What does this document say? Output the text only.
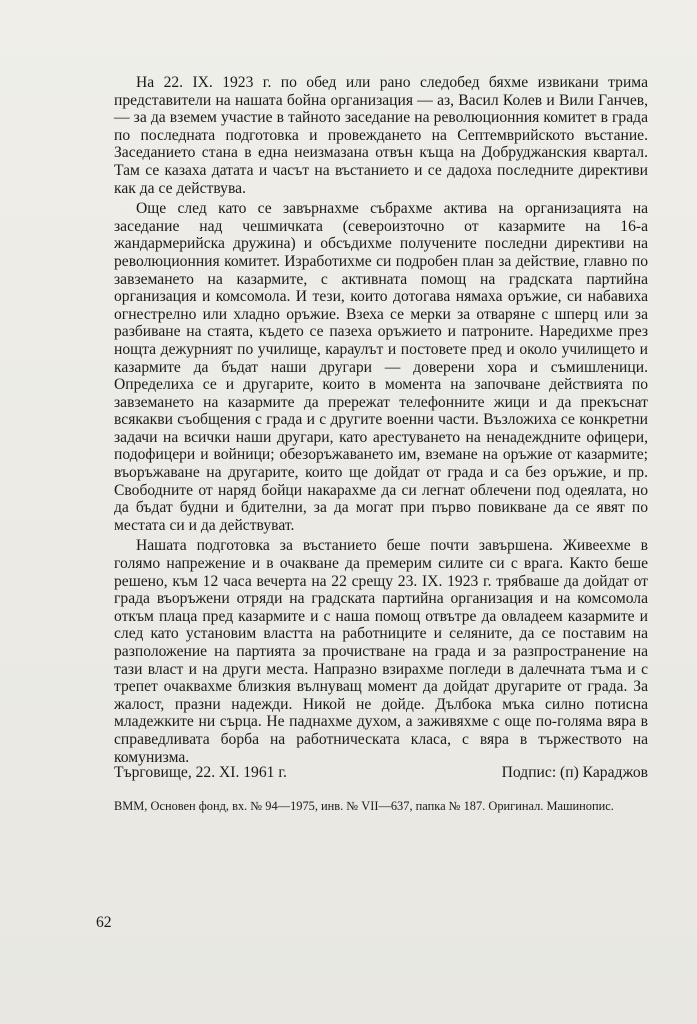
На 22. IX. 1923 г. по обед или рано следобед бяхме извикани трима представители на нашата бойна организация — аз, Васил Колев и Вили Ганчев, — за да вземем участие в тайното заседание на революционния комитет в града по последната подготовка и провеждането на Септемврийското въстание. Заседанието стана в една неизмазана отвън къща на Добруджанския квартал. Там се казаха датата и часът на въстанието и се дадоха последните директиви как да се действува.

Още след като се завърнахме събрахме актива на организацията на заседание над чешмичката (североизточно от казармите на 16-а жандармерийска дружина) и обсъдихме получените последни директиви на революционния комитет. Изработихме си подробен план за действие, главно по завземането на казармите, с активната помощ на градската партийна организация и комсомола. И тези, които дотогава нямаха оръжие, си набавиха огнестрелно или хладно оръжие. Взеха се мерки за отваряне с шперц или за разбиване на стаята, където се пазеха оръжието и патроните. Наредихме през нощта дежурният по училище, караулът и постовете пред и около училището и казармите да бъдат наши другари — доверени хора и съмишленици. Определихa се и другарите, които в момента на започване действията по завземането на казармите да прережат телефонните жици и да прекъснат всякакви съобщения с града и с другите военни части. Възложиха се конкретни задачи на всички наши другари, като арестуването на ненадеждните офицери, подофицери и войници; обезоръжаването им, вземане на оръжие от казармите; въоръжаване на другарите, които ще дойдат от града и са без оръжие, и пр. Свободните от наряд бойци накарахме да си легнат облечени под одеялата, но да бъдат будни и бдителни, за да могат при първо повикване да се явят по местата си и да действуват.

Нашата подготовка за въстанието беше почти завършена. Живеехме в голямо напрежение и в очакване да премерим силите си с врага. Както беше решено, към 12 часа вечерта на 22 срещу 23. IX. 1923 г. трябваше да дойдат от града въоръжени отряди на градската партийна организация и на комсомола откъм плаца пред казармите и с наша помощ отвътре да овладеем казармите и след като установим властта на работниците и селяните, да се поставим на разположение на партията за прочистване на града и за разпространение на тази власт и на други места. Напразно взирахме погледи в далечната тъма и с трепет очаквахме близкия вълнуващ момент да дойдат другарите от града. За жалост, празни надежди. Никой не дойде. Дълбока мъка силно потисна младежките ни сърца. Не паднахме духом, а заживяхме с още по-голяма вяра в справедливата борба на работническата класа, с вяра в тържеството на комунизма.

Търговище, 22. XI. 1961 г.	Подпис: (п) Караджов
ВММ, Основен фонд, вх. № 94—1975, инв. № VII—637, папка № 187. Оригинал. Машинопис.
62
